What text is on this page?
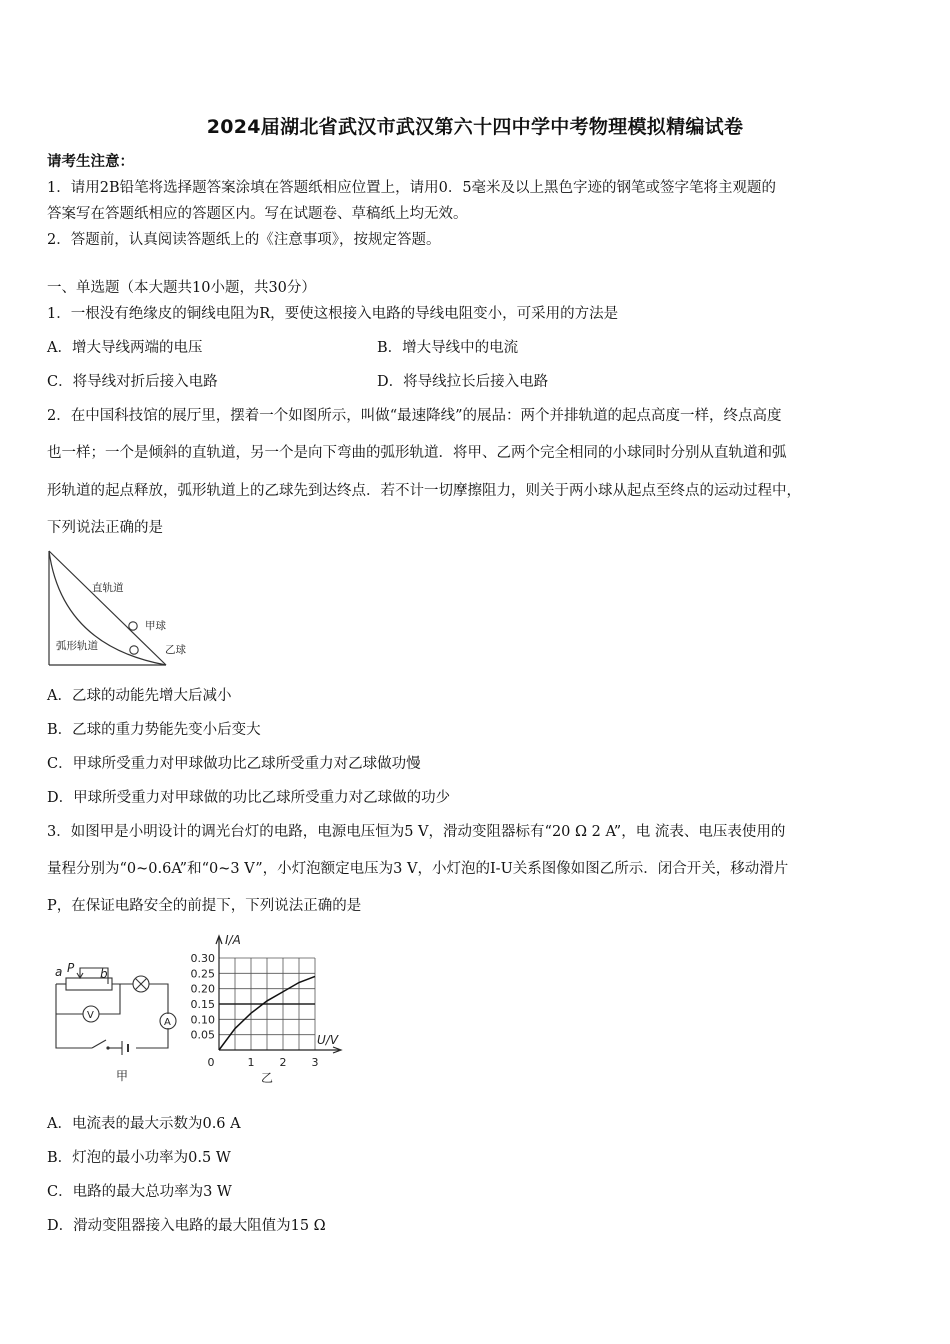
2024届湖北省武汉市武汉第六十四中学中考物理模拟精编试卷
请考生注意：
1．请用2B铅笔将选择题答案涂填在答题纸相应位置上，请用0．5毫米及以上黑色字迹的钢笔或签字笔将主观题的
答案写在答题纸相应的答题区内。写在试题卷、草稿纸上均无效。
2．答题前，认真阅读答题纸上的《注意事项》，按规定答题。
一、单选题（本大题共10小题，共30分）
1．一根没有绝缘皮的铜线电阻为R，要使这根接入电路的导线电阻变小，可采用的方法是
A．增大导线两端的电压	B．增大导线中的电流
C．将导线对折后接入电路	D．将导线拉长后接入电路
2．在中国科技馆的展厅里，摆着一个如图所示，叫做“最速降线”的展品：两个并排轨道的起点高度一样，终点高度
也一样；一个是倾斜的直轨道，另一个是向下弯曲的弧形轨道．将甲、乙两个完全相同的小球同时分别从直轨道和弧
形轨道的起点释放，弧形轨道上的乙球先到达终点．若不计一切摩擦阻力，则关于两小球从起点至终点的运动过程中，
下列说法正确的是
直轨道
甲球
弧形轨道	乙球
A．乙球的动能先增大后减小
B．乙球的重力势能先变小后变大
C．甲球所受重力对甲球做功比乙球所受重力对乙球做功慢
D．甲球所受重力对甲球做的功比乙球所受重力对乙球做的功少
3．如图甲是小明设计的调光台灯的电路，电源电压恒为5 V，滑动变阻器标有“20 Ω 2 A”，电 流表、电压表使用的
量程分别为“0~0.6A”和“0~3 V”，小灯泡额定电压为3 V，小灯泡的I-U关系图像如图乙所示．闭合开关，移动滑片
P，在保证电路安全的前提下，下列说法正确的是
a P b
V
A
甲
0.05
0.10
0.15
0.20
0.25
0.30
0	1 2 3
I/A
U/V
乙
A．电流表的最大示数为0.6 A
B．灯泡的最小功率为0.5 W
C．电路的最大总功率为3 W
D．滑动变阻器接入电路的最大阻值为15 Ω
